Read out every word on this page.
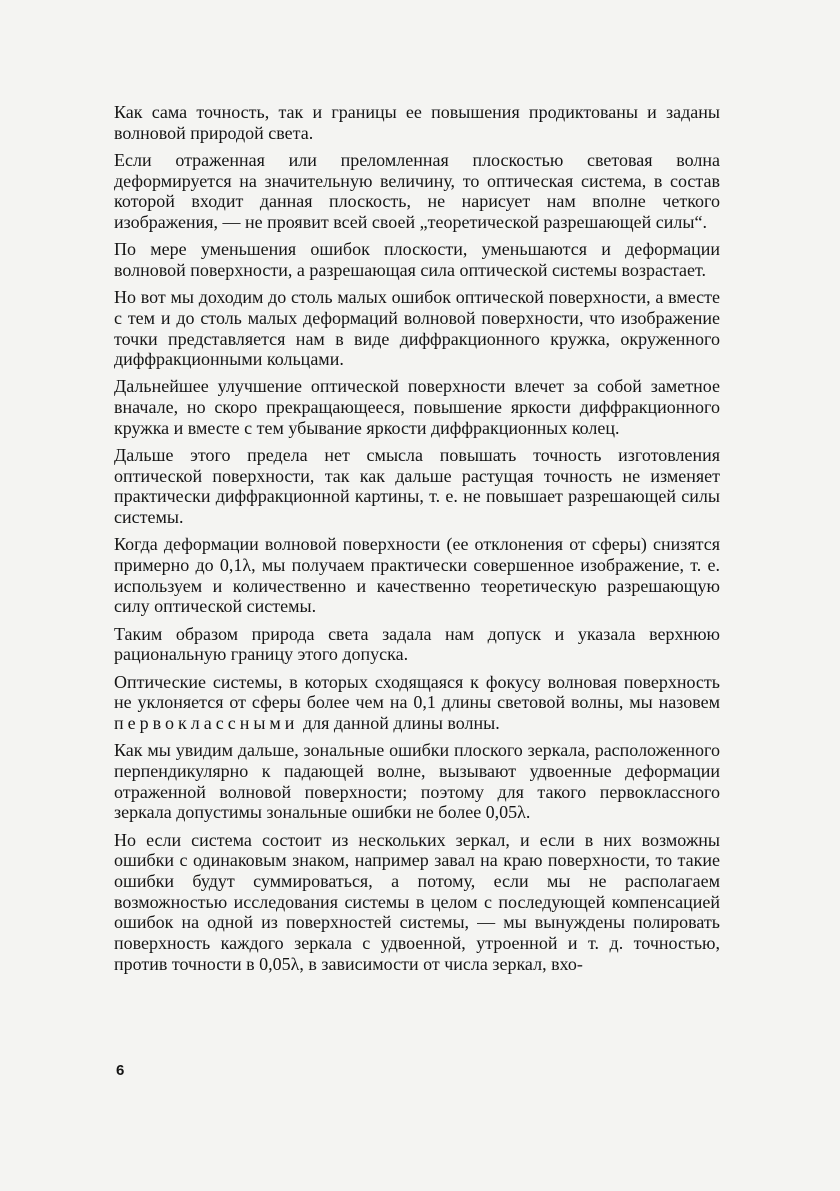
Как сама точность, так и границы ее повышения продиктованы и заданы волновой природой света.

Если отраженная или преломленная плоскостью световая волна деформируется на значительную величину, то оптическая система, в состав которой входит данная плоскость, не нарисует нам вполне четкого изображения, — не проявит всей своей „теоретической разрешающей силы“.

По мере уменьшения ошибок плоскости, уменьшаются и деформации волновой поверхности, а разрешающая сила оптической системы возрастает.

Но вот мы доходим до столь малых ошибок оптической поверхности, а вместе с тем и до столь малых деформаций волновой поверхности, что изображение точки представляется нам в виде диффракционного кружка, окруженного диффракционными кольцами.

Дальнейшее улучшение оптической поверхности влечет за собой заметное вначале, но скоро прекращающееся, повышение яркости диффракционного кружка и вместе с тем убывание яркости диффракционных колец.

Дальше этого предела нет смысла повышать точность изготовления оптической поверхности, так как дальше растущая точность не изменяет практически диффракционной картины, т. е. не повышает разрешающей силы системы.

Когда деформации волновой поверхности (ее отклонения от сферы) снизятся примерно до 0,1λ, мы получаем практически совершенное изображение, т. е. используем и количественно и качественно теоретическую разрешающую силу оптической системы.

Таким образом природа света задала нам допуск и указала верхнюю рациональную границу этого допуска.

Оптические системы, в которых сходящаяся к фокусу волновая поверхность не уклоняется от сферы более чем на 0,1 длины световой волны, мы назовем первоклассными для данной длины волны.

Как мы увидим дальше, зональные ошибки плоского зеркала, расположенного перпендикулярно к падающей волне, вызывают удвоенные деформации отраженной волновой поверхности; поэтому для такого первоклассного зеркала допустимы зональные ошибки не более 0,05λ.

Но если система состоит из нескольких зеркал, и если в них возможны ошибки с одинаковым знаком, например завал на краю поверхности, то такие ошибки будут суммироваться, а потому, если мы не располагаем возможностью исследования системы в целом с последующей компенсацией ошибок на одной из поверхностей системы, — мы вынуждены полировать поверхность каждого зеркала с удвоенной, утроенной и т. д. точностью, против точности в 0,05λ, в зависимости от числа зеркал, вхо-

6
